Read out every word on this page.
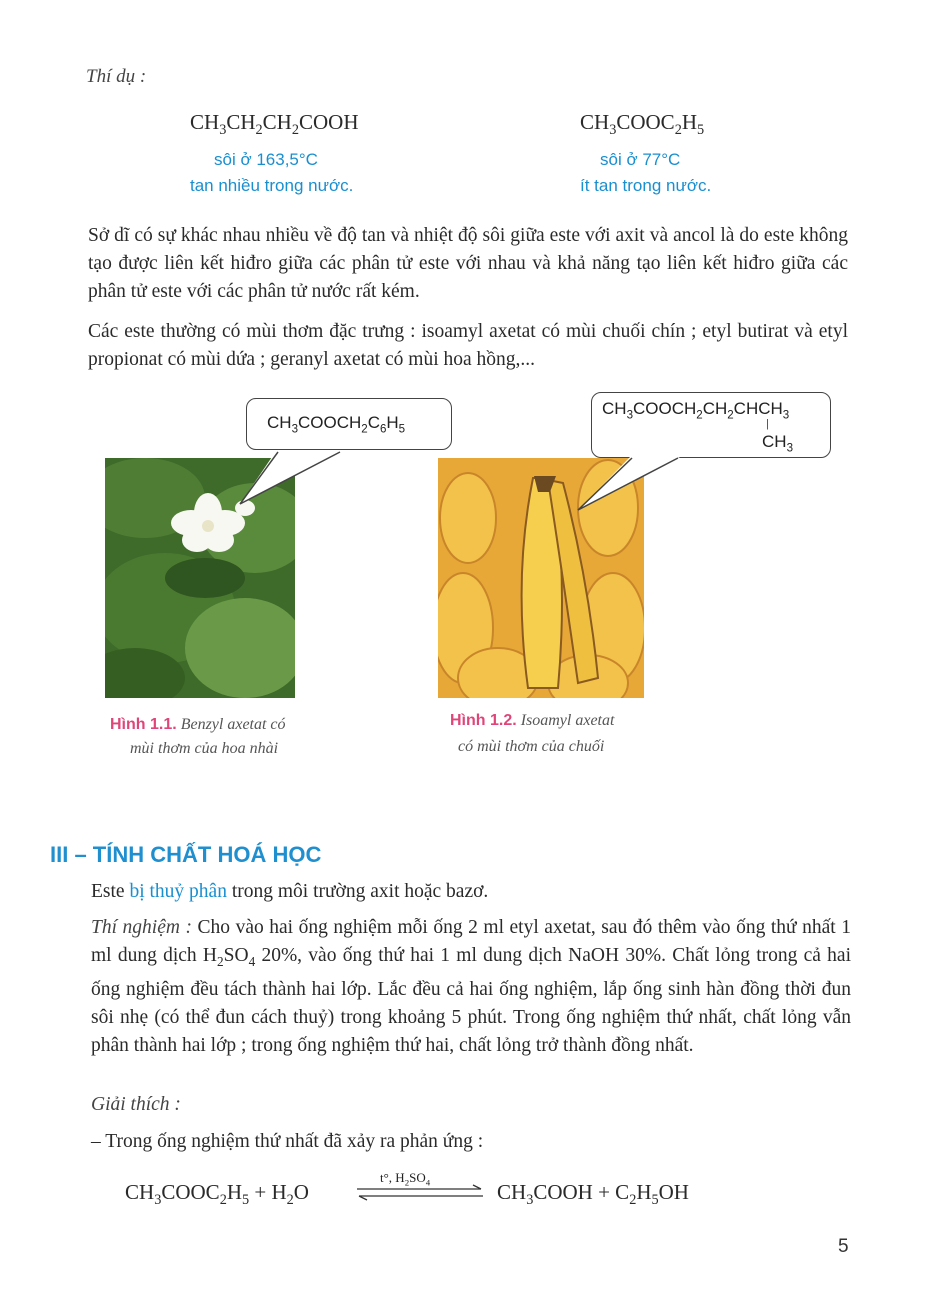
Thí dụ :
$CH_3CH_2CH_2COOH$
sôi ở 163,5°C
tan nhiều trong nước.
$CH_3COOC_2H_5$
sôi ở 77°C
ít tan trong nước.
Sở dĩ có sự khác nhau nhiều về độ tan và nhiệt độ sôi giữa este với axit và ancol là do este không tạo được liên kết hiđro giữa các phân tử este với nhau và khả năng tạo liên kết hiđro giữa các phân tử este với các phân tử nước rất kém.
Các este thường có mùi thơm đặc trưng : isoamyl axetat có mùi chuối chín ; etyl butirat và etyl propionat có mùi dứa ; geranyl axetat có mùi hoa hồng,...
$CH_3COOCH_2C_6H_5$
$CH_3COOCH_2CH_2CHCH_3$
|
$CH_3$
Hình 1.1. Benzyl axetat có
mùi thơm của hoa nhài
Hình 1.2. Isoamyl axetat
có mùi thơm của chuối
III – TÍNH CHẤT HOÁ HỌC
Este bị thuỷ phân trong môi trường axit hoặc bazơ.
Thí nghiệm : Cho vào hai ống nghiệm mỗi ống 2 ml etyl axetat, sau đó thêm vào ống thứ nhất 1 ml dung dịch $H_2SO_4$ 20%, vào ống thứ hai 1 ml dung dịch NaOH 30%. Chất lỏng trong cả hai ống nghiệm đều tách thành hai lớp. Lắc đều cả hai ống nghiệm, lắp ống sinh hàn đồng thời đun sôi nhẹ (có thể đun cách thuỷ) trong khoảng 5 phút. Trong ống nghiệm thứ nhất, chất lỏng vẫn phân thành hai lớp ; trong ống nghiệm thứ hai, chất lỏng trở thành đồng nhất.
Giải thích :
– Trong ống nghiệm thứ nhất đã xảy ra phản ứng :
$CH_3COOC_2H_5 + H_2O$
t°, $H_2SO_4$	$CH_3COOH + C_2H_5OH$
5
